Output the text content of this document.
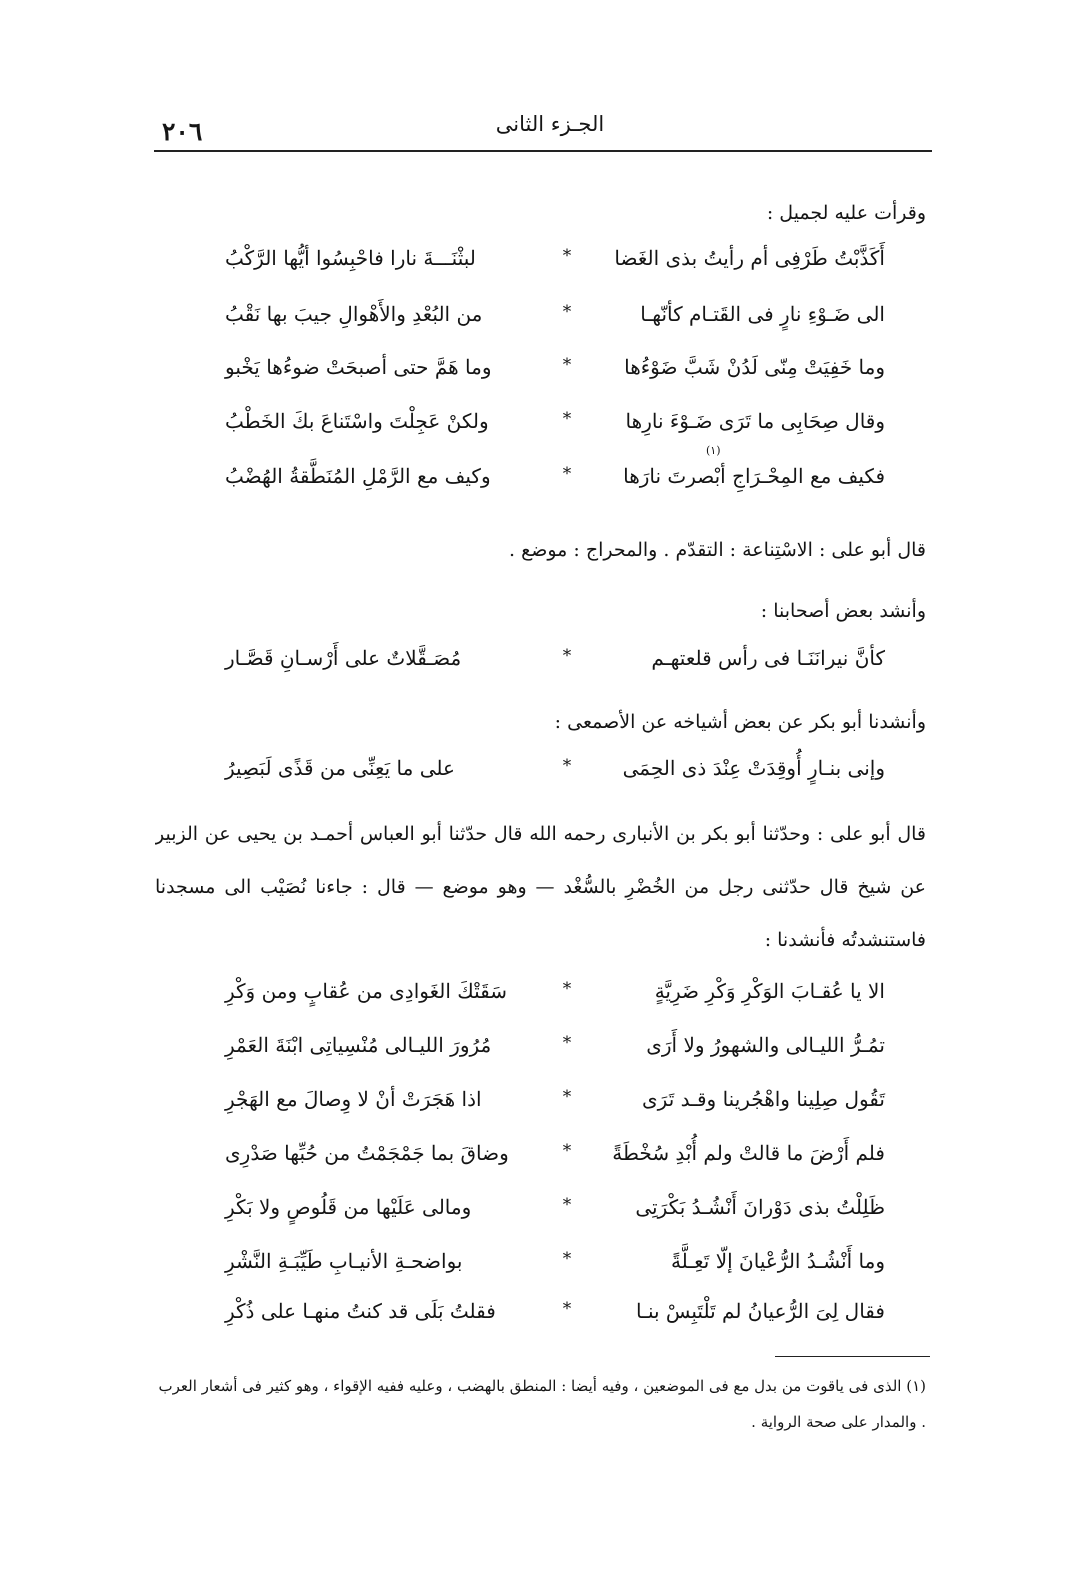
الجـزء الثانى
٢٠٦
وقرأت عليه لجميل :
أَكَذَّبْتُ طَرْفِى أم رأيتُ بذى الغَضا
*
لبثْنَـــةَ نارا فاحْبِسُوا أيُّها الرَّكْبُ
الى ضَـوْءِ نارٍ فى القَتـام كأنّهـا
*
من البُعْدِ والأَهْوالِ جيبَ بها نَقْبُ
وما خَفِيَتْ مِنّى لَدُنْ شَبَّ ضَوْءُها
*
وما هَمَّ حتى أصبحَتْ ضوءُها يَخْبو
وقال صِحَابِى ما تَرَى ضَـوْءَ نارِها
*
ولكنْ عَجِلْتَ واسْتَناعَ بكَ الخَطْبُ
فكيف مع المِحْـرَاجِ أبْصرتَ نارَها
*
وكيف مع الرَّمْلِ المُنَطَّقةُ الهُضْبُ
(١)
قال أبو على : الاسْتِناعة : التقدّم . والمحراج : موضع .
وأنشد بعض أصحابنا :
كأنَّ نيرانَنَـا فى رأس قلعتهـم
*
مُصَـقَّلاتٌ على أَرْسـانِ قَصَّـار
وأنشدنا أبو بكر عن بعض أشياخه عن الأصمعى :
وإنى بنـارٍ أُوقِدَتْ عِنْدَ ذى الحِمَى
*
على ما يَعِنِّى من قَذًى لَبَصِيرُ
قال أبو على : وحدّثنا أبو بكر بن الأنبارى رحمه الله قال حدّثنا أبو العباس أحمـد بن يحيى عن الزبير عن شيخ قال حدّثنى رجل من الخُضْرِ بالسُّغْد — وهو موضع — قال : جاءنا نُصَيْب الى مسجدنا فاستنشدتُه فأنشدنا :
الا يا عُقـابَ الوَكْرِ وَكْرِ ضَرِيَّةٍ
*
سَقَتْكَ الغَوادِى من عُقابٍ ومن وَكْرِ
تمُـرُّ الليـالى والشهورُ ولا أَرَى
*
مُرُورَ الليـالى مُنْسِياتِى ابْنَةَ العَمْرِ
تَقُول صِلِينا واهْجُرينا وقـد تَرَى
*
اذا هَجَرَتْ أنْ لا وِصالَ مع الهَجْرِ
فلم أَرْضَ ما قالتْ ولم أُبْدِ سُخْطَةً
*
وضاقَ بما جَمْجَمْتُ من حُبِّها صَدْرِى
ظَلِلْتُ بذى دَوْرانَ أَنْشُـدُ بَكْرَتِى
*
ومالى عَلَيْها من قَلُوصٍ ولا بَكْرِ
وما أَنْشُـدُ الرُّعْيانَ إلّا تَعِـلَّةً
*
بواضحـةِ الأنيـابِ طَيِّبَـةِ النَّشْرِ
فقال لِىَ الرُّعيانُ لم تَلْتَبِسْ بنـا
*
فقلتُ بَلَى قد كنتُ منهـا على ذُكْرِ
(١) الذى فى ياقوت من بدل مع فى الموضعين ، وفيه أيضا : المنطق بالهضب ، وعليه ففيه الإقواء ، وهو كثير فى أشعار العرب . والمدار على صحة الرواية .
